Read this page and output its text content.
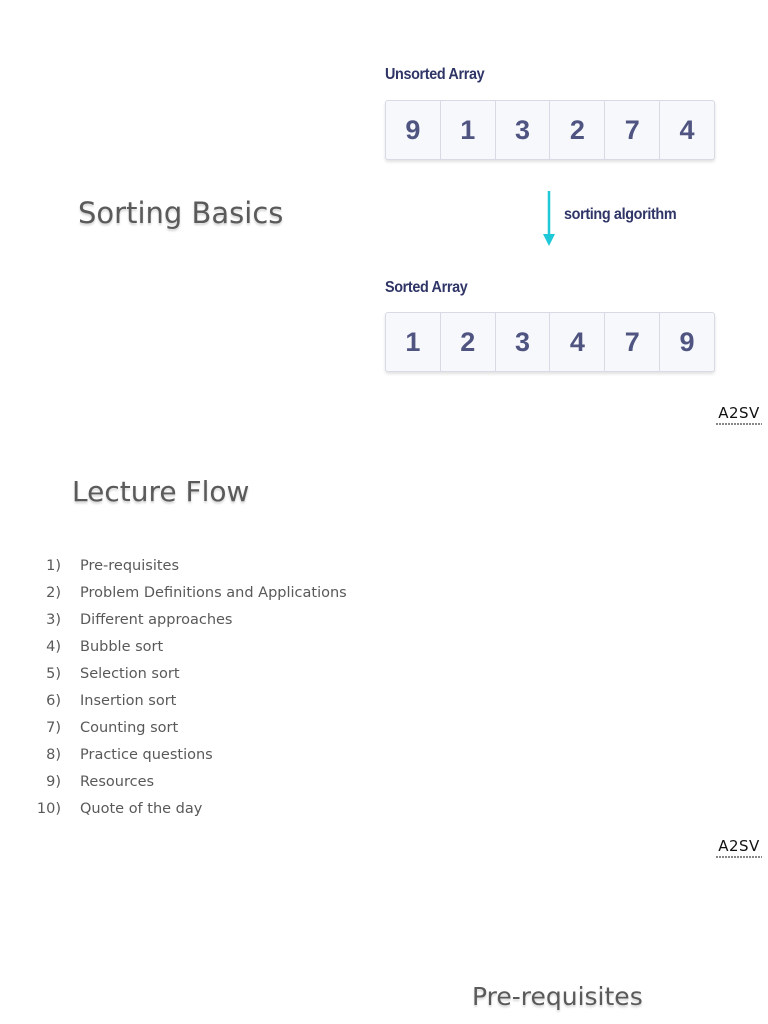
Sorting Basics
Unsorted Array
9	1	3	2	7	4
sorting algorithm
Sorted Array
1	2	3	4	7	9
A2SV
Lecture Flow
1)	Pre-requisites
2)	Problem Definitions and Applications
3)	Different approaches
4)	Bubble sort
5)	Selection sort
6)	Insertion sort
7)	Counting sort
8)	Practice questions
9)	Resources
10)	Quote of the day
A2SV
Pre-requisites
